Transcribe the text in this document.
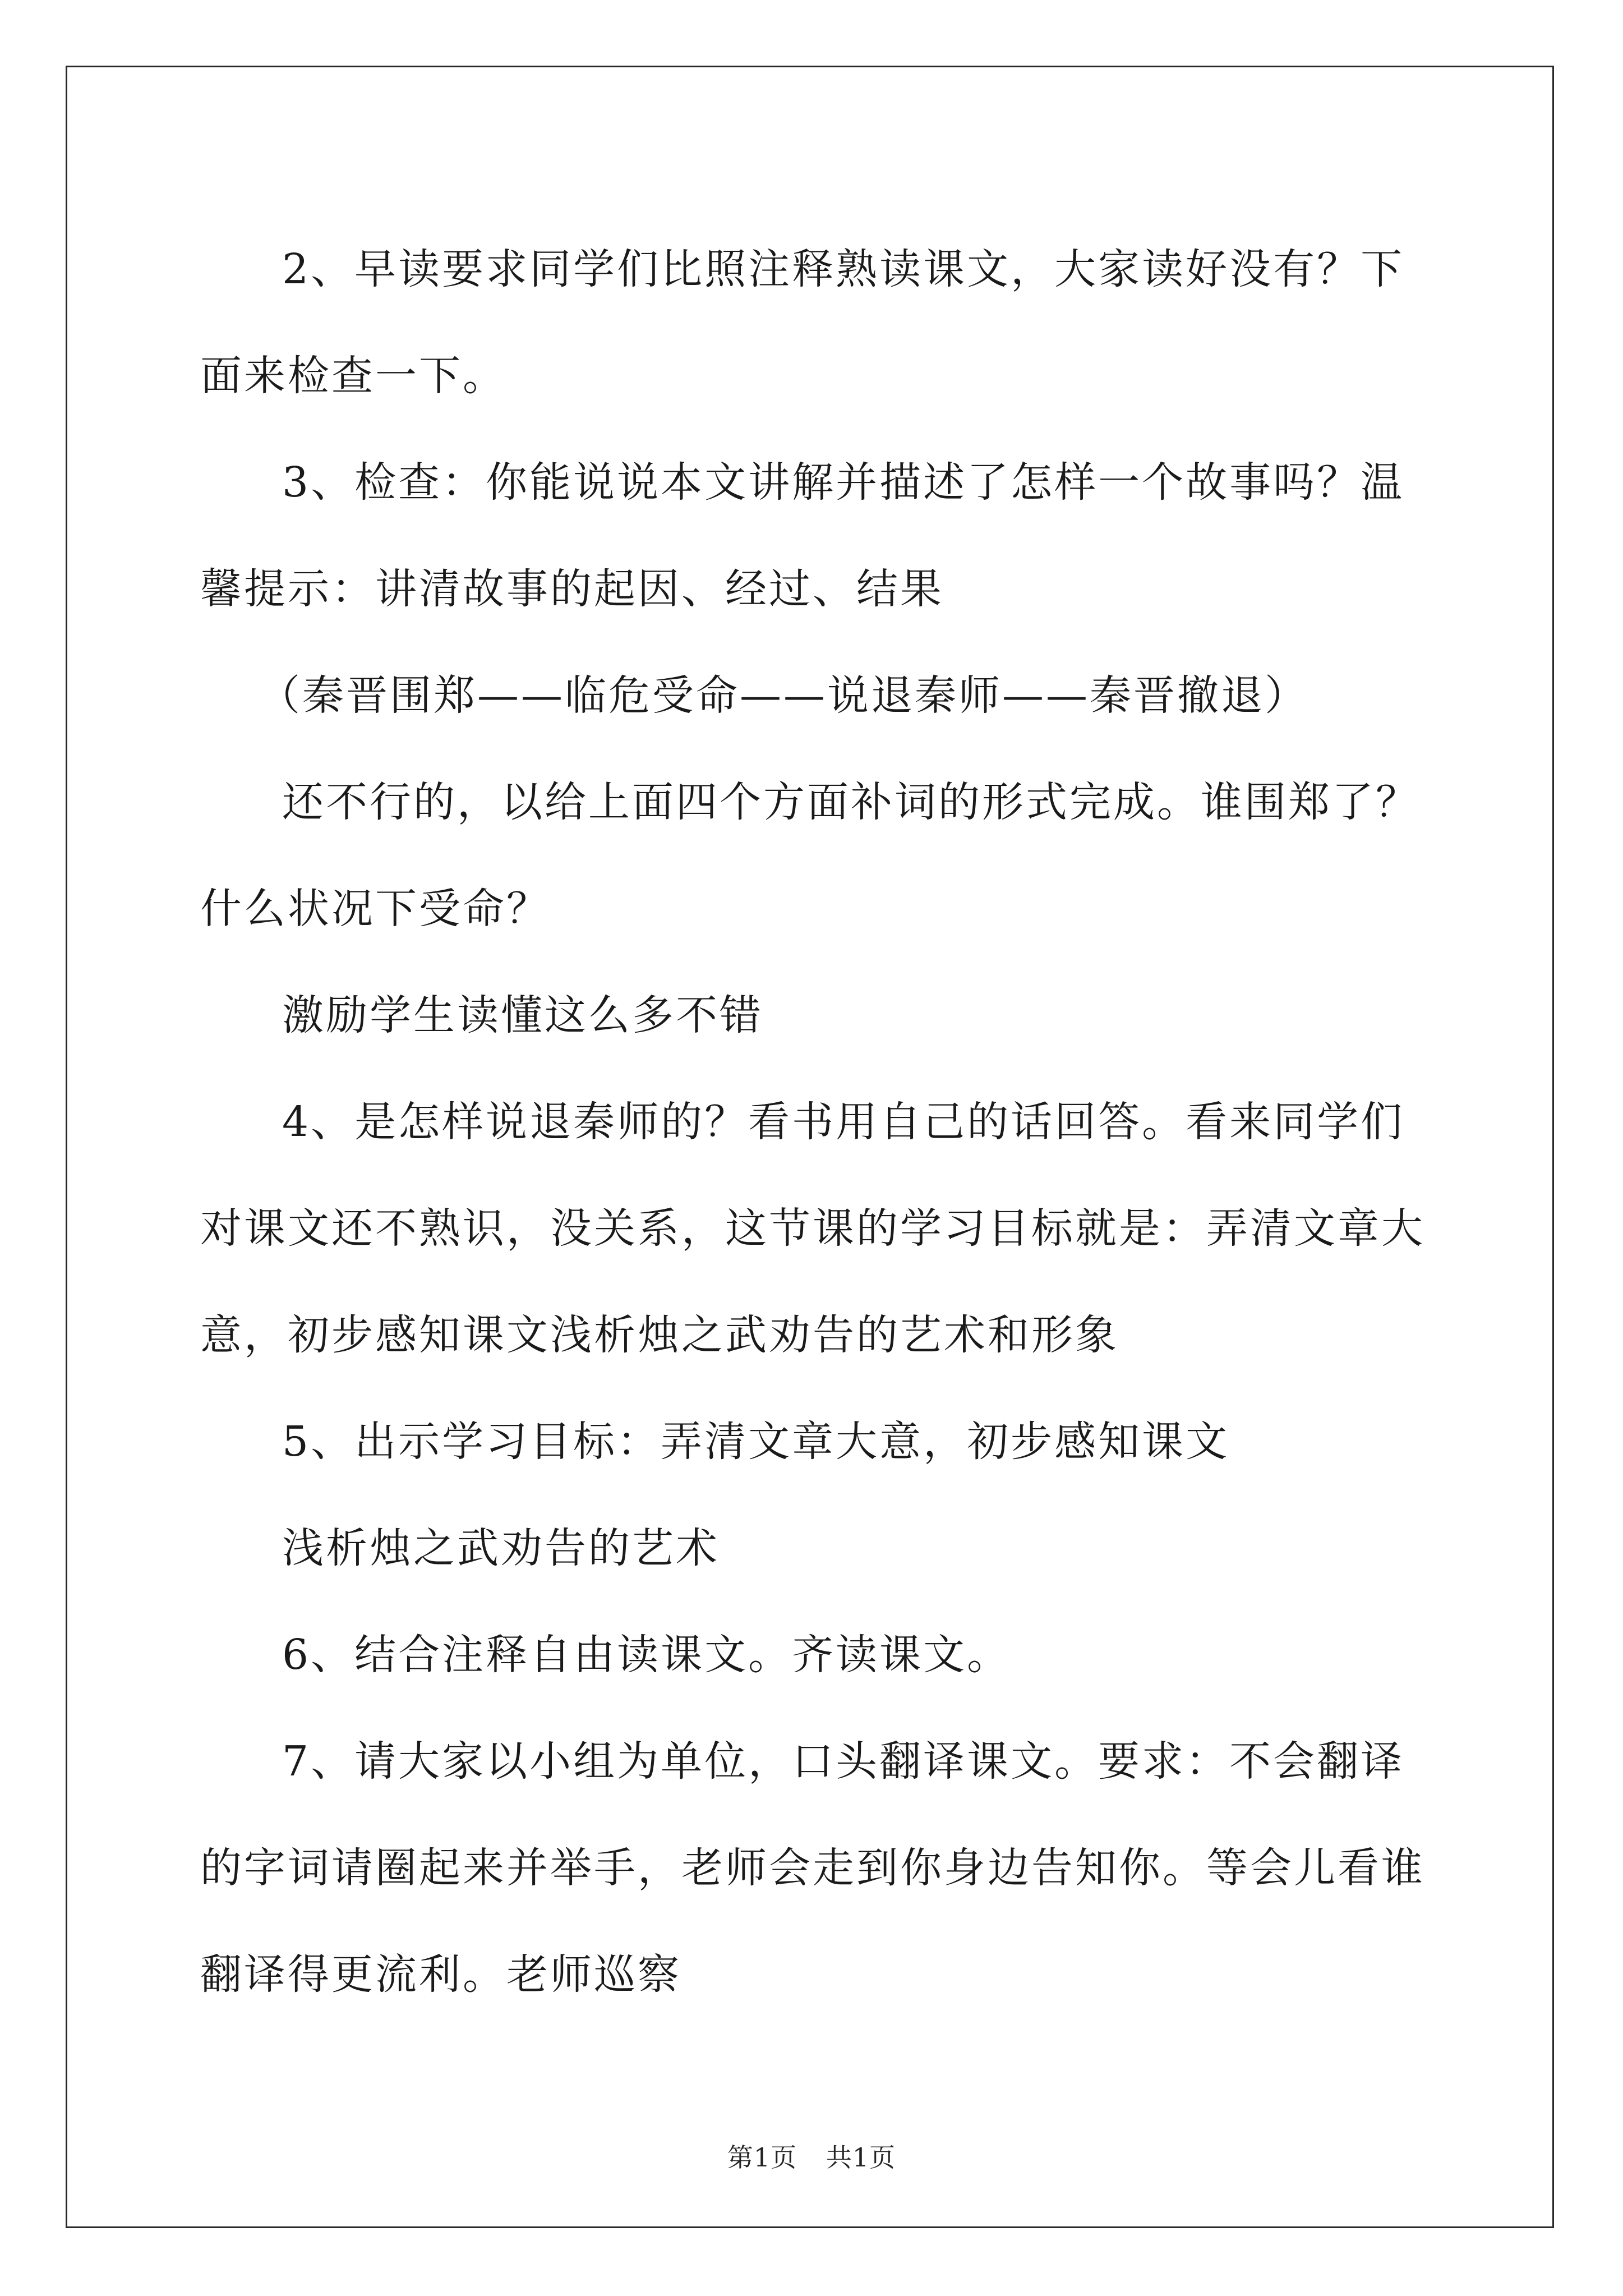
2、早读要求同学们比照注释熟读课文，大家读好没有？下面来检查一下。

3、检查：你能说说本文讲解并描述了怎样一个故事吗？温馨提示：讲清故事的起因、经过、结果

（秦晋围郑——临危受命——说退秦师——秦晋撤退）

还不行的，以给上面四个方面补词的形式完成。谁围郑了？什么状况下受命？

激励学生读懂这么多不错

4、是怎样说退秦师的？看书用自己的话回答。看来同学们对课文还不熟识，没关系，这节课的学习目标就是：弄清文章大意，初步感知课文浅析烛之武劝告的艺术和形象

5、出示学习目标：弄清文章大意，初步感知课文

浅析烛之武劝告的艺术

6、结合注释自由读课文。齐读课文。

7、请大家以小组为单位，口头翻译课文。要求：不会翻译的字词请圈起来并举手，老师会走到你身边告知你。等会儿看谁翻译得更流利。老师巡察

第1页 共1页
